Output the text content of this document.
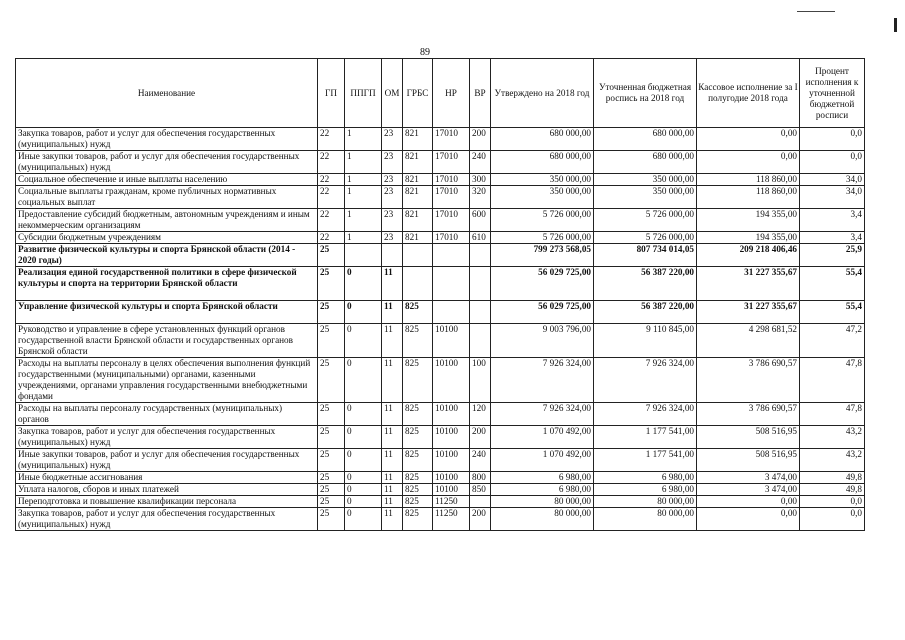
89
Наименование	ГП	ППГП	ОМ	ГРБС	НР	ВР	Утверждено на 2018 год	Уточненная бюджетная роспись на 2018 год	Кассовое исполнение за I полугодие 2018 года	Процент исполнения к уточненной бюджетной росписи
Закупка товаров, работ и услуг для обеспечения государственных (муниципальных) нужд	22	1	23	821	17010	200	680 000,00	680 000,00	0,00	0,0
Иные закупки товаров, работ и услуг для обеспечения государственных (муниципальных) нужд	22	1	23	821	17010	240	680 000,00	680 000,00	0,00	0,0
Социальное обеспечение и иные выплаты населению	22	1	23	821	17010	300	350 000,00	350 000,00	118 860,00	34,0
Социальные выплаты гражданам, кроме публичных нормативных социальных выплат	22	1	23	821	17010	320	350 000,00	350 000,00	118 860,00	34,0
Предоставление субсидий бюджетным, автономным учреждениям и иным некоммерческим организациям	22	1	23	821	17010	600	5 726 000,00	5 726 000,00	194 355,00	3,4
Субсидии бюджетным учреждениям	22	1	23	821	17010	610	5 726 000,00	5 726 000,00	194 355,00	3,4
Развитие физической культуры и спорта Брянской области (2014 - 2020 годы)	25						799 273 568,05	807 734 014,05	209 218 406,46	25,9
Реализация единой государственной политики в сфере физической культуры и спорта на территории Брянской области	25	0	11				56 029 725,00	56 387 220,00	31 227 355,67	55,4
Управление физической культуры и спорта Брянской области	25	0	11	825			56 029 725,00	56 387 220,00	31 227 355,67	55,4
Руководство и управление в сфере установленных функций органов государственной власти Брянской области и государственных органов Брянской области	25	0	11	825	10100		9 003 796,00	9 110 845,00	4 298 681,52	47,2
Расходы на выплаты персоналу в целях обеспечения выполнения функций государственными (муниципальными) органами, казенными учреждениями, органами управления государственными внебюджетными фондами	25	0	11	825	10100	100	7 926 324,00	7 926 324,00	3 786 690,57	47,8
Расходы на выплаты персоналу государственных (муниципальных) органов	25	0	11	825	10100	120	7 926 324,00	7 926 324,00	3 786 690,57	47,8
Закупка товаров, работ и услуг для обеспечения государственных (муниципальных) нужд	25	0	11	825	10100	200	1 070 492,00	1 177 541,00	508 516,95	43,2
Иные закупки товаров, работ и услуг для обеспечения государственных (муниципальных) нужд	25	0	11	825	10100	240	1 070 492,00	1 177 541,00	508 516,95	43,2
Иные бюджетные ассигнования	25	0	11	825	10100	800	6 980,00	6 980,00	3 474,00	49,8
Уплата налогов, сборов и иных платежей	25	0	11	825	10100	850	6 980,00	6 980,00	3 474,00	49,8
Переподготовка и повышение квалификации персонала	25	0	11	825	11250		80 000,00	80 000,00	0,00	0,0
Закупка товаров, работ и услуг для обеспечения государственных (муниципальных) нужд	25	0	11	825	11250	200	80 000,00	80 000,00	0,00	0,0
